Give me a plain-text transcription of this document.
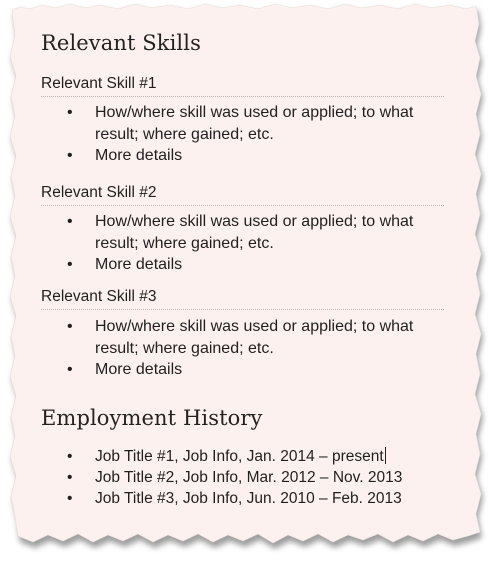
Relevant Skills
Relevant Skill #1
• How/where skill was used or applied; to what result; where gained; etc.
• More details
Relevant Skill #2
• How/where skill was used or applied; to what result; where gained; etc.
• More details
Relevant Skill #3
• How/where skill was used or applied; to what result; where gained; etc.
• More details
Employment History
• Job Title #1, Job Info, Jan. 2014 – present
• Job Title #2, Job Info, Mar. 2012 – Nov. 2013
• Job Title #3, Job Info, Jun. 2010 – Feb. 2013
